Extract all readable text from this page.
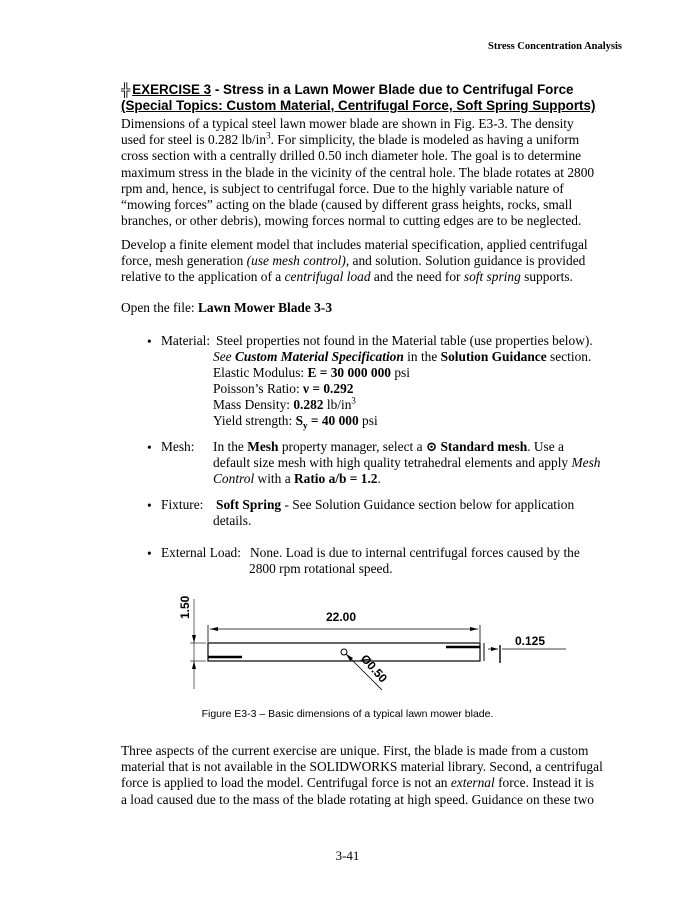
Stress Concentration Analysis
╬ EXERCISE 3 - Stress in a Lawn Mower Blade due to Centrifugal Force
(Special Topics: Custom Material, Centrifugal Force, Soft Spring Supports)
Dimensions of a typical steel lawn mower blade are shown in Fig. E3-3. The density
used for steel is 0.282 $lb/in^3$. For simplicity, the blade is modeled as having a uniform
cross section with a centrally drilled 0.50 inch diameter hole. The goal is to determine
maximum stress in the blade in the vicinity of the central hole. The blade rotates at 2800
rpm and, hence, is subject to centrifugal force. Due to the highly variable nature of
“mowing forces” acting on the blade (caused by different grass heights, rocks, small
branches, or other debris), mowing forces normal to cutting edges are to be neglected.
Develop a finite element model that includes material specification, applied centrifugal
force, mesh generation (use mesh control), and solution. Solution guidance is provided
relative to the application of a centrifugal load and the need for soft spring supports.
Open the file: Lawn Mower Blade 3-3
• Material: Steel properties not found in the Material table (use properties below).
See Custom Material Specification in the Solution Guidance section.
Elastic Modulus: E = 30 000 000 psi
Poisson’s Ratio: ν = 0.292
Mass Density: 0.282 $lb/in^3$
Yield strength: $S_y = 40$ 000 psi
• Mesh: In the Mesh property manager, select a ⊙ Standard mesh. Use a
default size mesh with high quality tetrahedral elements and apply Mesh
Control with a Ratio a/b = 1.2.
• Fixture: Soft Spring - See Solution Guidance section below for application
details.
• External Load: None. Load is due to internal centrifugal forces caused by the
2800 rpm rotational speed.
22.00
1.50
0.125
Ø0.50
Figure E3-3 – Basic dimensions of a typical lawn mower blade.
Three aspects of the current exercise are unique. First, the blade is made from a custom
material that is not available in the SOLIDWORKS material library. Second, a centrifugal
force is applied to load the model. Centrifugal force is not an external force. Instead it is
a load caused due to the mass of the blade rotating at high speed. Guidance on these two
3-41
